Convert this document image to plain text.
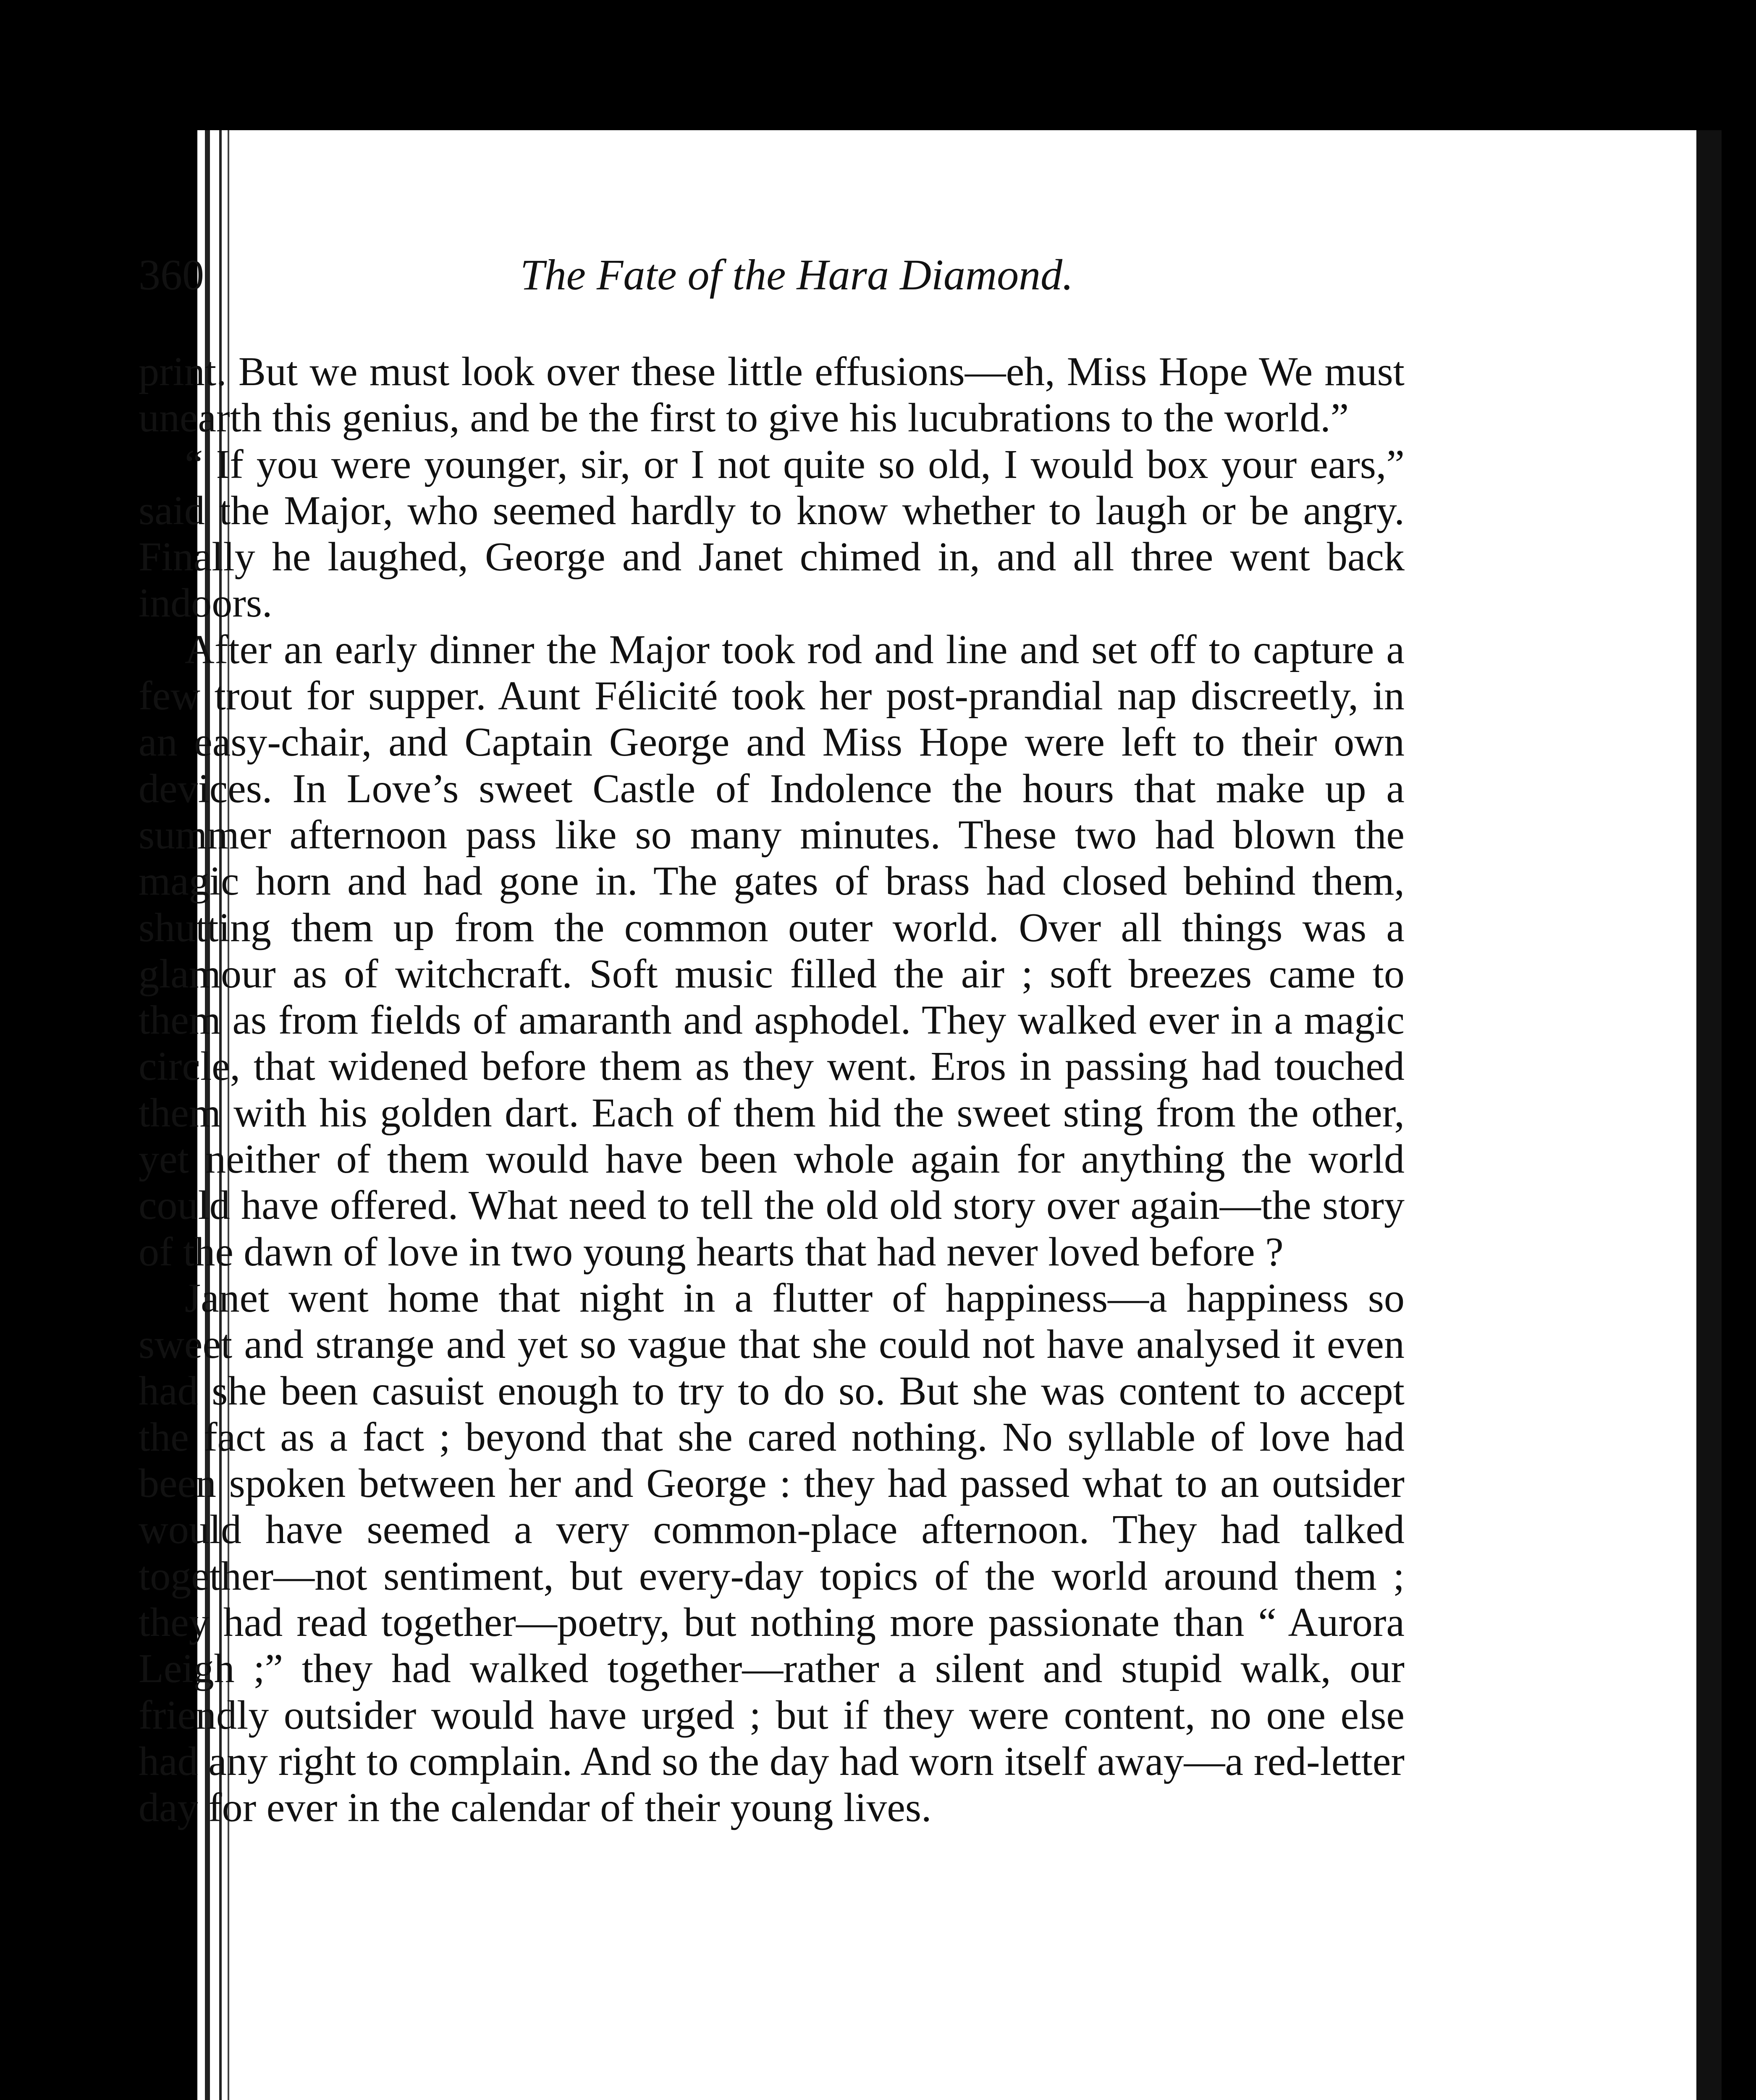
360	The Fate of the Hara Diamond.

print. But we must look over these little effusions—eh, Miss Hope We must unearth this genius, and be the first to give his lucubrations to the world.”

“ If you were younger, sir, or I not quite so old, I would box your ears,” said the Major, who seemed hardly to know whether to laugh or be angry. Finally he laughed, George and Janet chimed in, and all three went back indoors.

After an early dinner the Major took rod and line and set off to capture a few trout for supper. Aunt Félicité took her post-prandial nap discreetly, in an easy-chair, and Captain George and Miss Hope were left to their own devices. In Love’s sweet Castle of Indolence the hours that make up a summer afternoon pass like so many minutes. These two had blown the magic horn and had gone in. The gates of brass had closed behind them, shutting them up from the common outer world. Over all things was a glamour as of witchcraft. Soft music filled the air ; soft breezes came to them as from fields of amaranth and asphodel. They walked ever in a magic circle, that widened before them as they went. Eros in passing had touched them with his golden dart. Each of them hid the sweet sting from the other, yet neither of them would have been whole again for anything the world could have offered. What need to tell the old old story over again—the story of the dawn of love in two young hearts that had never loved before ?

Janet went home that night in a flutter of happiness—a happiness so sweet and strange and yet so vague that she could not have analysed it even had she been casuist enough to try to do so. But she was content to accept the fact as a fact ; beyond that she cared nothing. No syllable of love had been spoken between her and George : they had passed what to an outsider would have seemed a very common-place afternoon. They had talked together—not sentiment, but every-day topics of the world around them ; they had read together—poetry, but nothing more passionate than “ Aurora Leigh ;” they had walked together—rather a silent and stupid walk, our friendly outsider would have urged ; but if they were content, no one else had any right to complain. And so the day had worn itself away—a red-letter day for ever in the calendar of their young lives.
